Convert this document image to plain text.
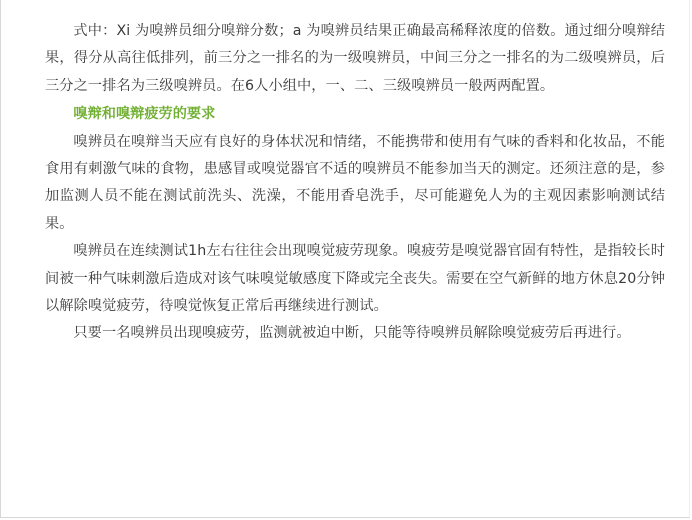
式中：Xi 为嗅辨员细分嗅辩分数；a 为嗅辨员结果正确最高稀释浓度的倍数。通过细分嗅辩结果，得分从高往低排列，前三分之一排名的为一级嗅辨员，中间三分之一排名的为二级嗅辨员，后三分之一排名为三级嗅辨员。在6人小组中，一、二、三级嗅辨员一般两两配置。

嗅辩和嗅辩疲劳的要求

嗅辨员在嗅辩当天应有良好的身体状况和情绪，不能携带和使用有气味的香料和化妆品，不能食用有刺激气味的食物，患感冒或嗅觉器官不适的嗅辨员不能参加当天的测定。还须注意的是，参加监测人员不能在测试前洗头、洗澡，不能用香皂洗手，尽可能避免人为的主观因素影响测试结果。

嗅辨员在连续测试1h左右往往会出现嗅觉疲劳现象。嗅疲劳是嗅觉器官固有特性，是指较长时间被一种气味刺激后造成对该气味嗅觉敏感度下降或完全丧失。需要在空气新鲜的地方休息20分钟以解除嗅觉疲劳，待嗅觉恢复正常后再继续进行测试。

只要一名嗅辨员出现嗅疲劳，监测就被迫中断，只能等待嗅辨员解除嗅觉疲劳后再进行。
